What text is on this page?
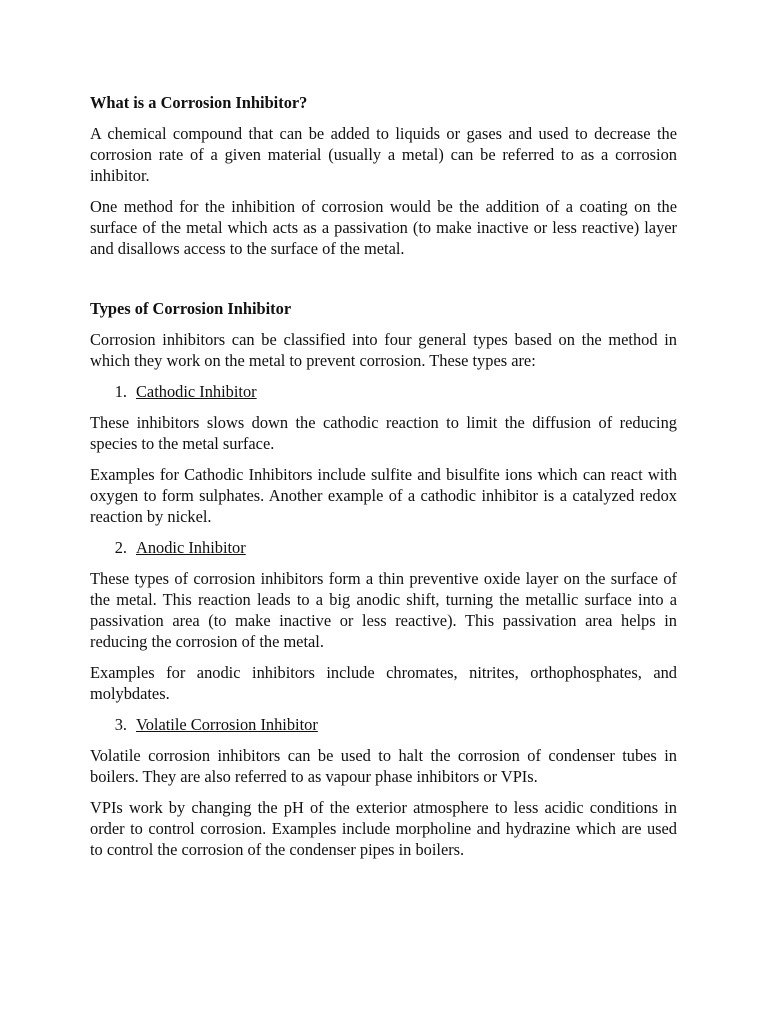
What is a Corrosion Inhibitor?
A chemical compound that can be added to liquids or gases and used to decrease the corrosion rate of a given material (usually a metal) can be referred to as a corrosion inhibitor.
One method for the inhibition of corrosion would be the addition of a coating on the surface of the metal which acts as a passivation (to make inactive or less reactive) layer and disallows access to the surface of the metal.
Types of Corrosion Inhibitor
Corrosion inhibitors can be classified into four general types based on the method in which they work on the metal to prevent corrosion. These types are:
1. Cathodic Inhibitor
These inhibitors slows down the cathodic reaction to limit the diffusion of reducing species to the metal surface.
Examples for Cathodic Inhibitors include sulfite and bisulfite ions which can react with oxygen to form sulphates. Another example of a cathodic inhibitor is a catalyzed redox reaction by nickel.
2. Anodic Inhibitor
These types of corrosion inhibitors form a thin preventive oxide layer on the surface of the metal. This reaction leads to a big anodic shift, turning the metallic surface into a passivation area (to make inactive or less reactive). This passivation area helps in reducing the corrosion of the metal.
Examples for anodic inhibitors include chromates, nitrites, orthophosphates, and molybdates.
3. Volatile Corrosion Inhibitor
Volatile corrosion inhibitors can be used to halt the corrosion of condenser tubes in boilers. They are also referred to as vapour phase inhibitors or VPIs.
VPIs work by changing the pH of the exterior atmosphere to less acidic conditions in order to control corrosion. Examples include morpholine and hydrazine which are used to control the corrosion of the condenser pipes in boilers.
